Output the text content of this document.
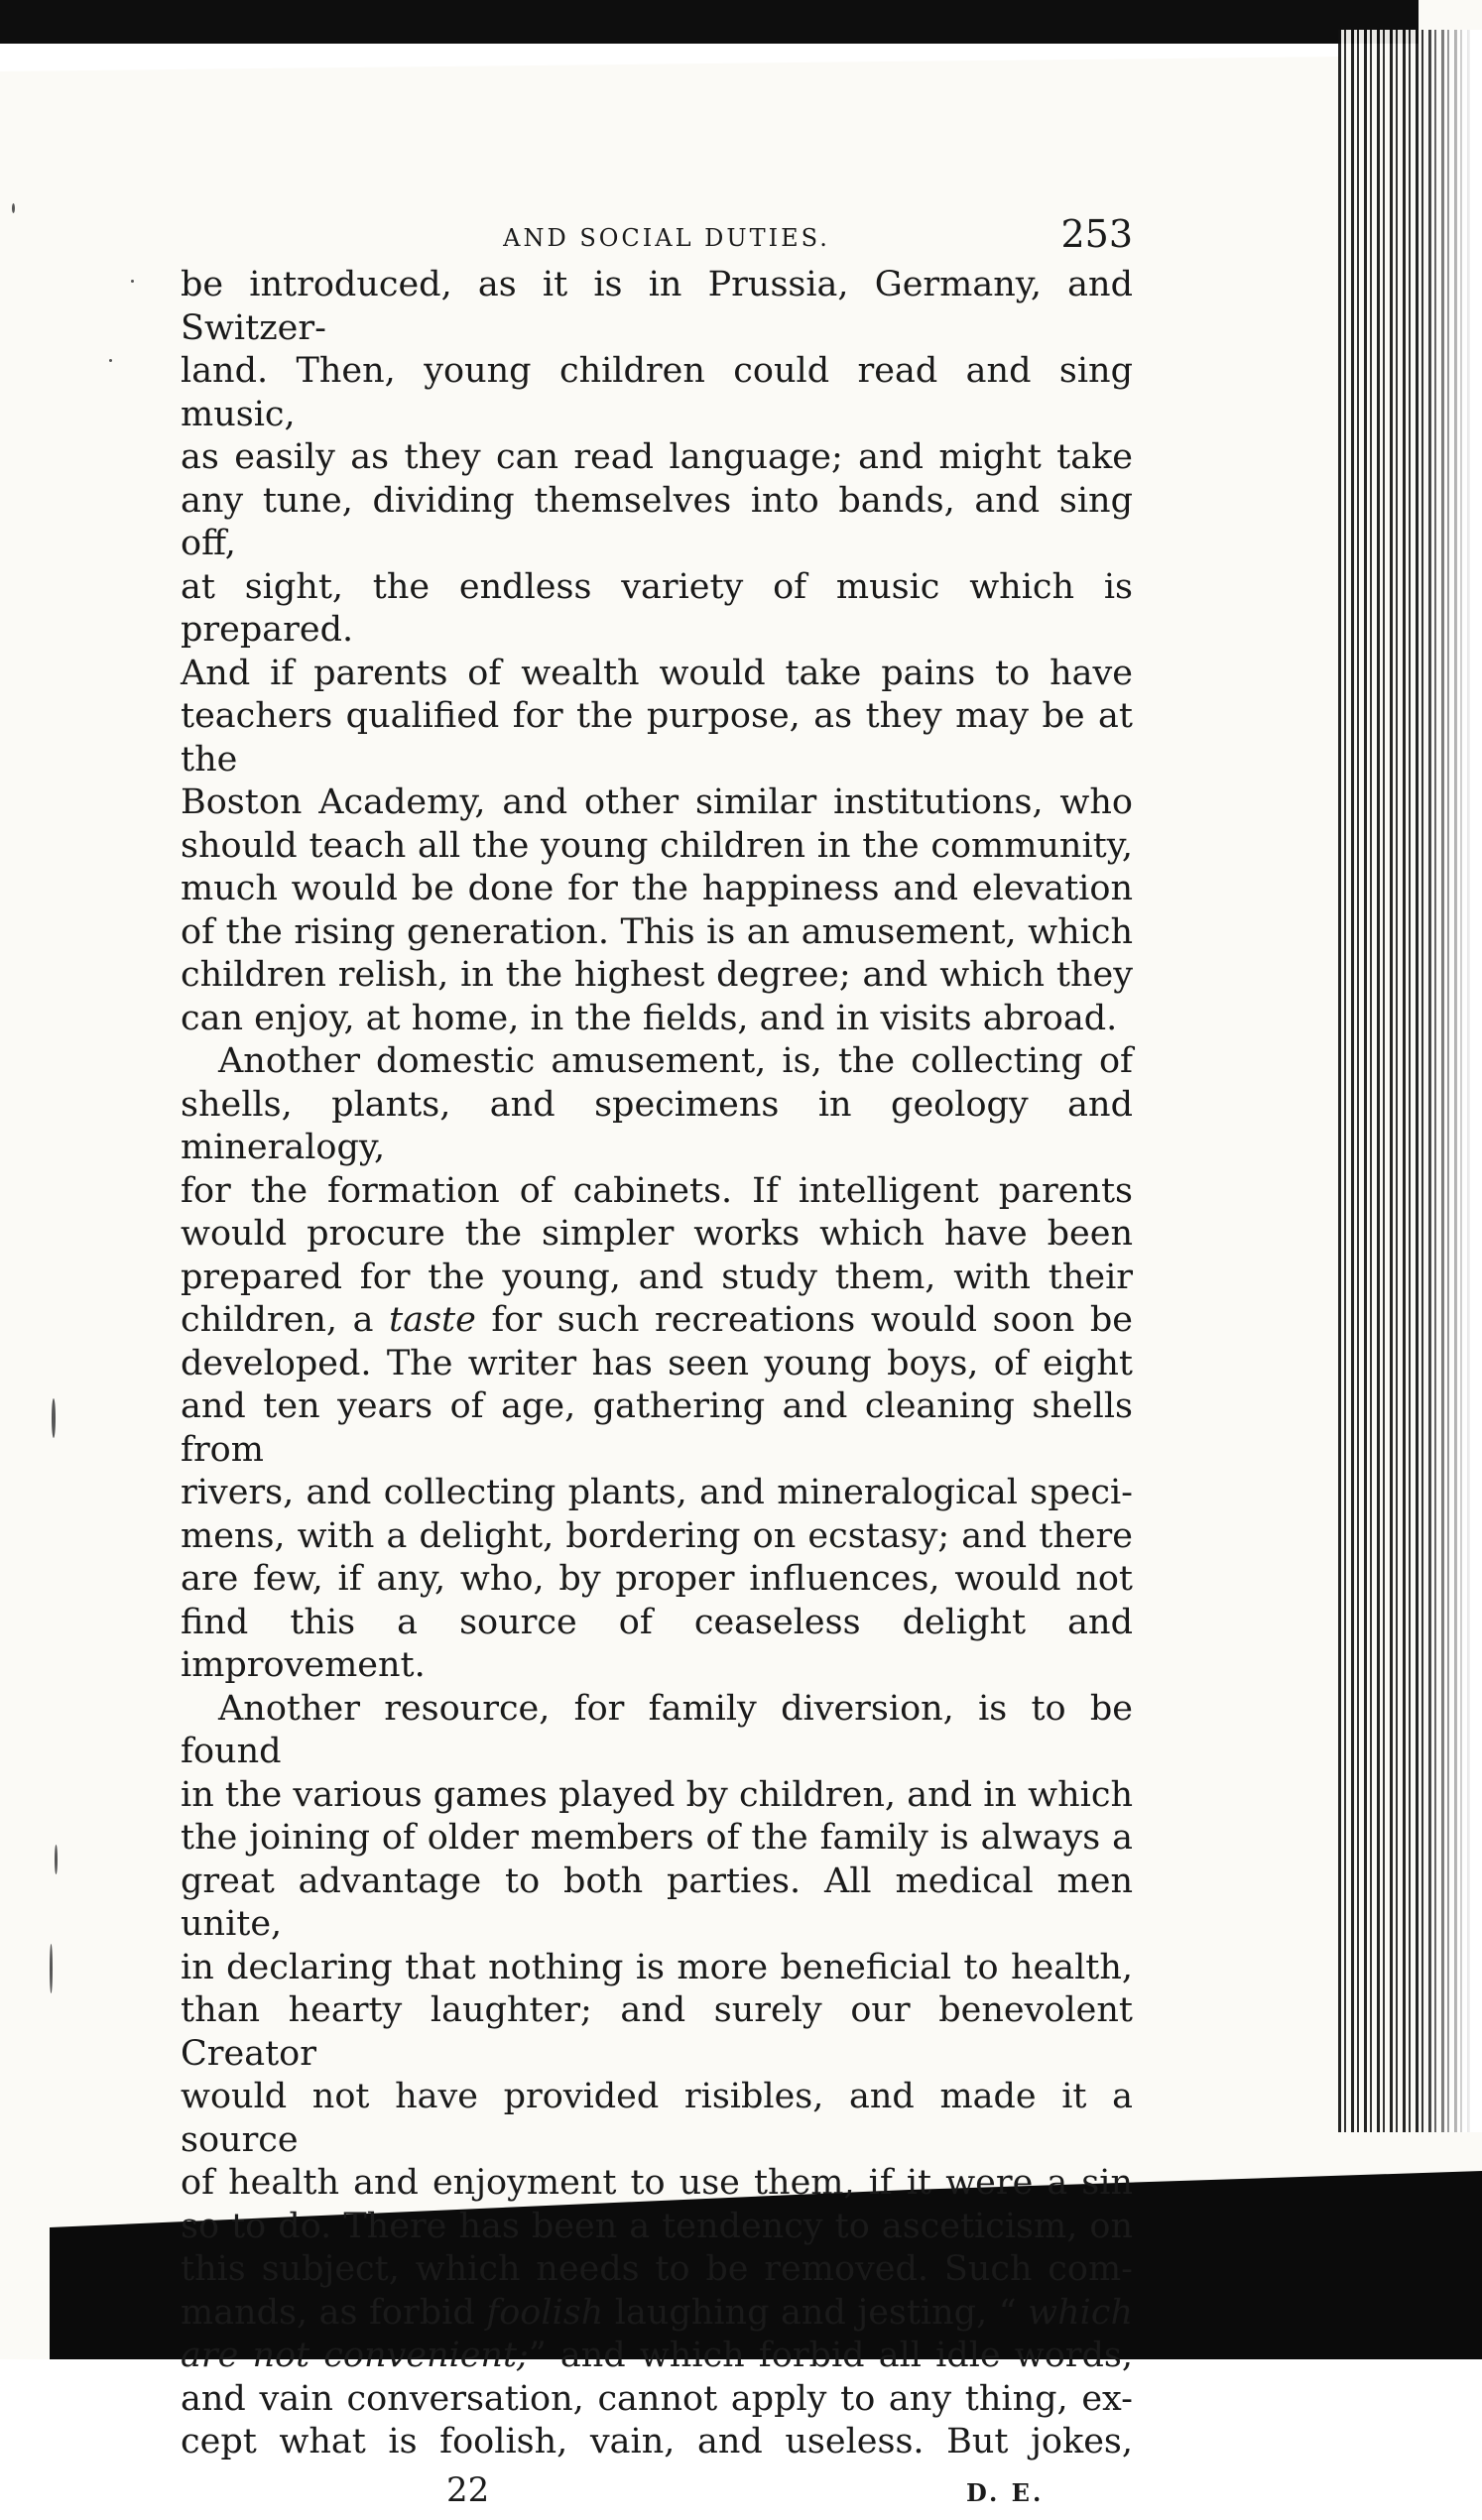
AND SOCIAL DUTIES.	253

be introduced, as it is in Prussia, Germany, and Switzer-

land. Then, young children could read and sing music,

as easily as they can read language; and might take

any tune, dividing themselves into bands, and sing off,

at sight, the endless variety of music which is prepared.

And if parents of wealth would take pains to have

teachers qualified for the purpose, as they may be at the

Boston Academy, and other similar institutions, who

should teach all the young children in the community,

much would be done for the happiness and elevation

of the rising generation. This is an amusement, which

children relish, in the highest degree; and which they

can enjoy, at home, in the fields, and in visits abroad.

Another domestic amusement, is, the collecting of

shells, plants, and specimens in geology and mineralogy,

for the formation of cabinets. If intelligent parents

would procure the simpler works which have been

prepared for the young, and study them, with their

children, a taste for such recreations would soon be

developed. The writer has seen young boys, of eight

and ten years of age, gathering and cleaning shells from

rivers, and collecting plants, and mineralogical speci-

mens, with a delight, bordering on ecstasy; and there

are few, if any, who, by proper influences, would not

find this a source of ceaseless delight and improvement.

Another resource, for family diversion, is to be found

in the various games played by children, and in which

the joining of older members of the family is always a

great advantage to both parties. All medical men unite,

in declaring that nothing is more beneficial to health,

than hearty laughter; and surely our benevolent Creator

would not have provided risibles, and made it a source

of health and enjoyment to use them, if it were a sin

so to do. There has been a tendency to asceticism, on

this subject, which needs to be removed. Such com-

mands, as forbid foolish laughing and jesting, “ which

are not convenient;” and which forbid all idle words,

and vain conversation, cannot apply to any thing, ex-

cept what is foolish, vain, and useless. But jokes,

22	D. E.
